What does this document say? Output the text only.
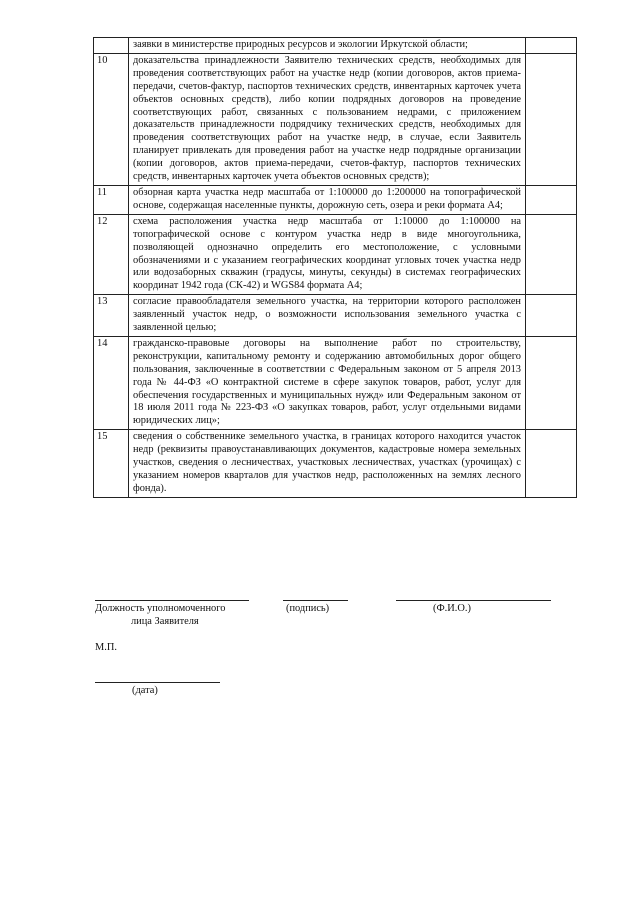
	заявки в министерстве природных ресурсов и экологии Иркутской области;	
10	доказательства принадлежности Заявителю технических средств, необходимых для проведения соответствующих работ на участке недр (копии договоров, актов приема-передачи, счетов-фактур, паспортов технических средств, инвентарных карточек учета объектов основных средств), либо копии подрядных договоров на проведение соответствующих работ, связанных с пользованием недрами, с приложением доказательств принадлежности подрядчику технических средств, необходимых для проведения соответствующих работ на участке недр, в случае, если Заявитель планирует привлекать для проведения работ на участке недр подрядные организации (копии договоров, актов приема-передачи, счетов-фактур, паспортов технических средств, инвентарных карточек учета объектов основных средств);	
11	обзорная карта участка недр масштаба от 1:100000 до 1:200000 на топографической основе, содержащая населенные пункты, дорожную сеть, озера и реки формата А4;	
12	схема расположения участка недр масштаба от 1:10000 до 1:100000 на топографической основе с контуром участка недр в виде многоугольника, позволяющей однозначно определить его местоположение, с условными обозначениями и с указанием географических координат угловых точек участка недр или водозаборных скважин (градусы, минуты, секунды) в системах географических координат 1942 года (СК-42) и WGS84 формата А4;	
13	согласие правообладателя земельного участка, на территории которого расположен заявленный участок недр, о возможности использования земельного участка с заявленной целью;	
14	гражданско-правовые договоры на выполнение работ по строительству, реконструкции, капитальному ремонту и содержанию автомобильных дорог общего пользования, заключенные в соответствии с Федеральным законом от 5 апреля 2013 года № 44-ФЗ «О контрактной системе в сфере закупок товаров, работ, услуг для обеспечения государственных и муниципальных нужд» или Федеральным законом от 18 июля 2011 года № 223-ФЗ «О закупках товаров, работ, услуг отдельными видами юридических лиц»;	
15	сведения о собственнике земельного участка, в границах которого находится участок недр (реквизиты правоустанавливающих документов, кадастровые номера земельных участков, сведения о лесничествах, участковых лесничествах, участках (урочищах) с указанием номеров кварталов для участков недр, расположенных на землях лесного фонда).	
Должность уполномоченного
лица Заявителя
(подпись)	(Ф.И.О.)
М.П.
(дата)
